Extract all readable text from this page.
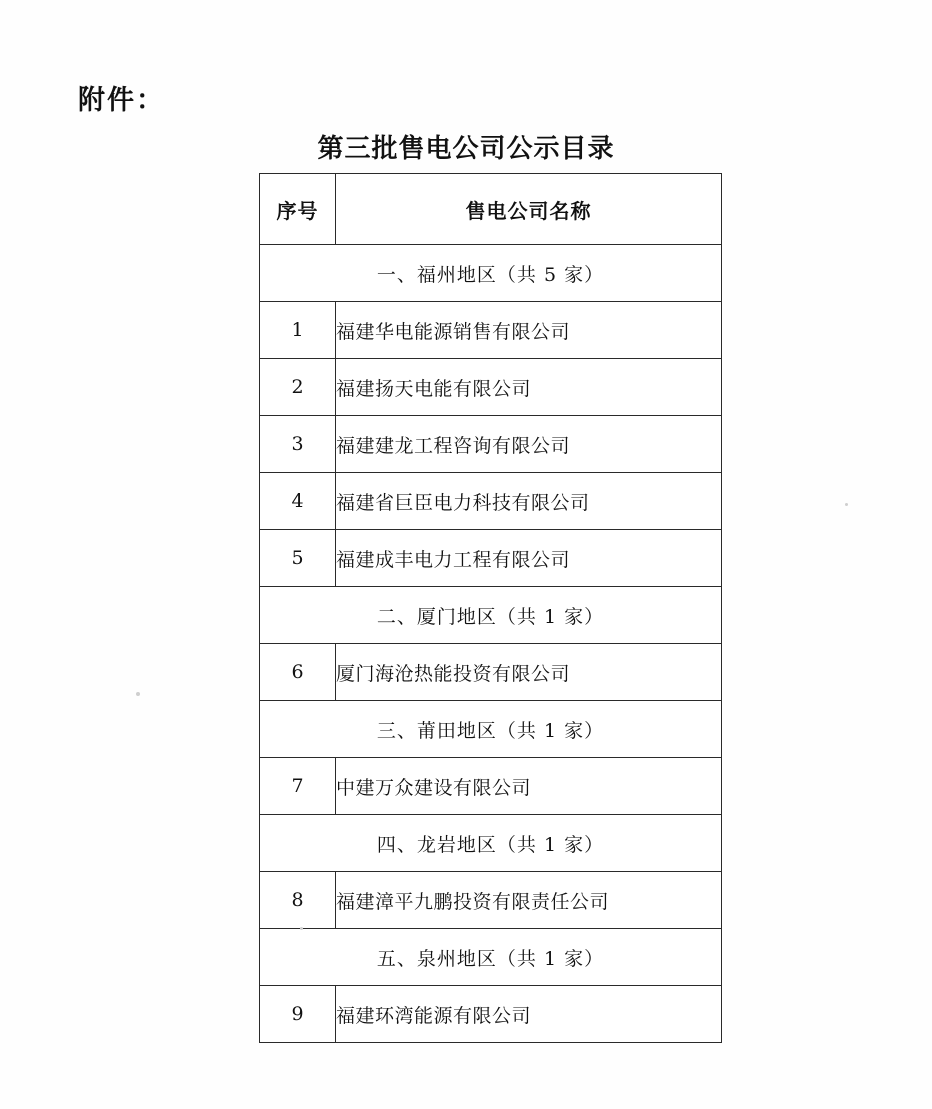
附件：
第三批售电公司公示目录
序号	售电公司名称
一、福州地区（共 5 家）	
1	福建华电能源销售有限公司
2	福建扬天电能有限公司
3	福建建龙工程咨询有限公司
4	福建省巨臣电力科技有限公司
5	福建成丰电力工程有限公司
二、厦门地区（共 1 家）	
6	厦门海沧热能投资有限公司
三、莆田地区（共 1 家）	
7	中建万众建设有限公司
四、龙岩地区（共 1 家）	
8	福建漳平九鹏投资有限责任公司
五、泉州地区（共 1 家）	
9	福建环湾能源有限公司
